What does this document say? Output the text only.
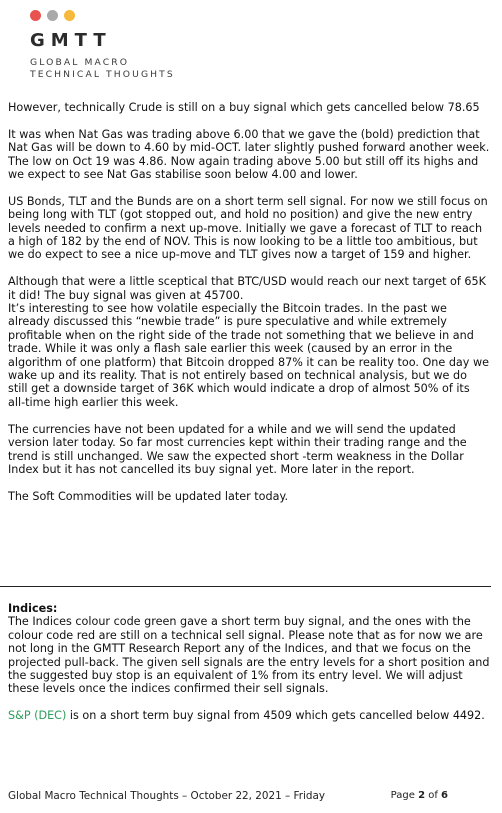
GMTT
GLOBAL MACRO
TECHNICAL THOUGHTS

However, technically Crude is still on a buy signal which gets cancelled below 78.65

It was when Nat Gas was trading above 6.00 that we gave the (bold) prediction that Nat Gas will be down to 4.60 by mid-OCT. later slightly pushed forward another week. The low on Oct 19 was 4.86. Now again trading above 5.00 but still off its highs and we expect to see Nat Gas stabilise soon below 4.00 and lower.

US Bonds, TLT and the Bunds are on a short term sell signal. For now we still focus on being long with TLT (got stopped out, and hold no position) and give the new entry levels needed to confirm a next up-move. Initially we gave a forecast of TLT to reach a high of 182 by the end of NOV. This is now looking to be a little too ambitious, but we do expect to see a nice up-move and TLT gives now a target of 159 and higher.

Although that were a little sceptical that BTC/USD would reach our next target of 65K it did! The buy signal was given at 45700.
It’s interesting to see how volatile especially the Bitcoin trades. In the past we already discussed this “newbie trade” is pure speculative and while extremely profitable when on the right side of the trade not something that we believe in and trade. While it was only a flash sale earlier this week (caused by an error in the algorithm of one platform) that Bitcoin dropped 87% it can be reality too. One day we wake up and its reality. That is not entirely based on technical analysis, but we do still get a downside target of 36K which would indicate a drop of almost 50% of its all-time high earlier this week.

The currencies have not been updated for a while and we will send the updated version later today. So far most currencies kept within their trading range and the trend is still unchanged. We saw the expected short -term weakness in the Dollar Index but it has not cancelled its buy signal yet. More later in the report.

The Soft Commodities will be updated later today.

Indices:

The Indices colour code green gave a short term buy signal, and the ones with the colour code red are still on a technical sell signal. Please note that as for now we are not long in the GMTT Research Report any of the Indices, and that we focus on the projected pull-back. The given sell signals are the entry levels for a short position and the suggested buy stop is an equivalent of 1% from its entry level. We will adjust these levels once the indices confirmed their sell signals.

S&P (DEC) is on a short term buy signal from 4509 which gets cancelled below 4492.

Global Macro Technical Thoughts – October 22, 2021 – Friday	Page 2 of 6
